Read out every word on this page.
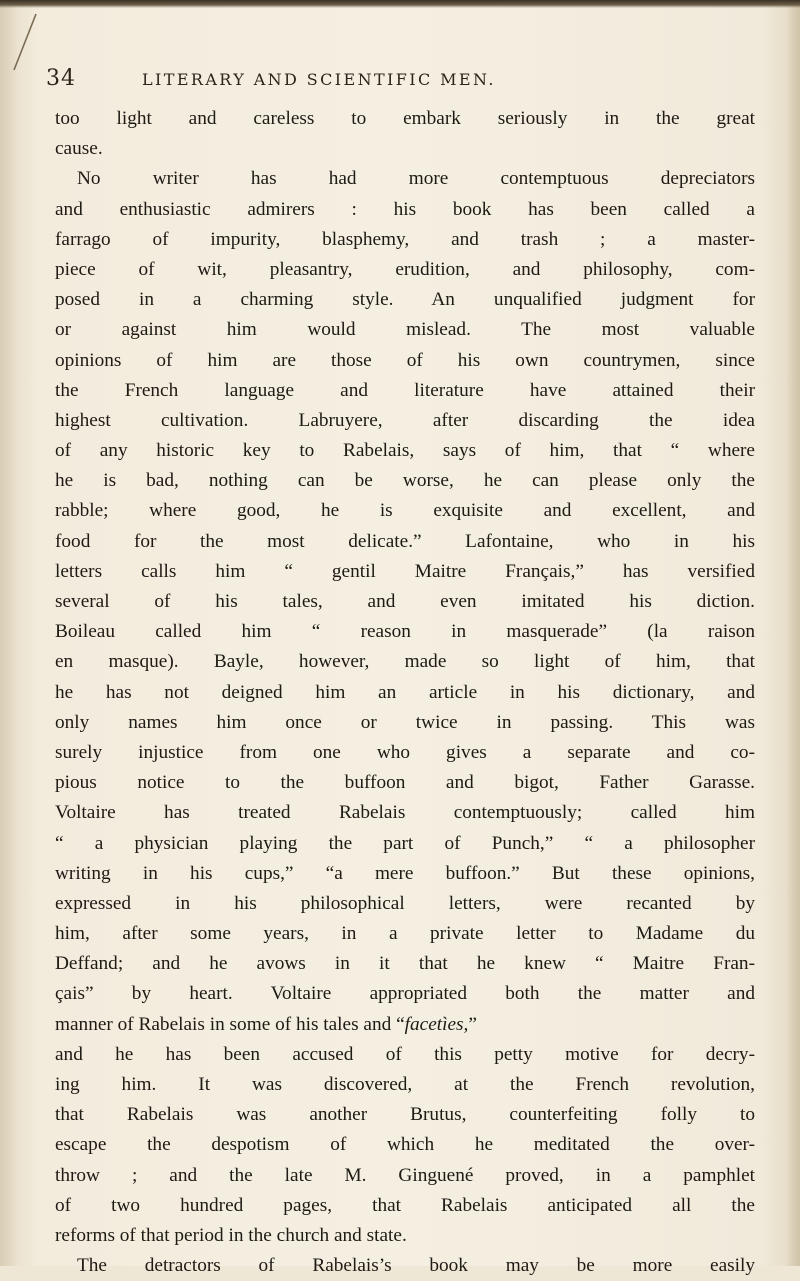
34	LITERARY AND SCIENTIFIC MEN.
too light and careless to embark seriously in the great
cause.
No writer has had more contemptuous depreciators
and enthusiastic admirers : his book has been called a
farrago of impurity, blasphemy, and trash ; a master-
piece of wit, pleasantry, erudition, and philosophy, com-
posed in a charming style. An unqualified judgment for
or against him would mislead. The most valuable
opinions of him are those of his own countrymen, since
the French language and literature have attained their
highest cultivation. Labruyere, after discarding the idea
of any historic key to Rabelais, says of him, that “ where
he is bad, nothing can be worse, he can please only the
rabble; where good, he is exquisite and excellent, and
food for the most delicate.” Lafontaine, who in his
letters calls him “ gentil Maitre Français,” has versified
several of his tales, and even imitated his diction.
Boileau called him “ reason in masquerade” (la raison
en masque). Bayle, however, made so light of him, that
he has not deigned him an article in his dictionary, and
only names him once or twice in passing. This was
surely injustice from one who gives a separate and co-
pious notice to the buffoon and bigot, Father Garasse.
Voltaire has treated Rabelais contemptuously; called him
“ a physician playing the part of Punch,” “ a philosopher
writing in his cups,” “a mere buffoon.” But these opinions,
expressed in his philosophical letters, were recanted by
him, after some years, in a private letter to Madame du
Deffand; and he avows in it that he knew “ Maitre Fran-
çais” by heart. Voltaire appropriated both the matter and
manner of Rabelais in some of his tales and “facetìes,”
and he has been accused of this petty motive for decry-
ing him. It was discovered, at the French revolution,
that Rabelais was another Brutus, counterfeiting folly to
escape the despotism of which he meditated the over-
throw ; and the late M. Ginguené proved, in a pamphlet
of two hundred pages, that Rabelais anticipated all the
reforms of that period in the church and state.
The detractors of Rabelais’s book may be more easily
